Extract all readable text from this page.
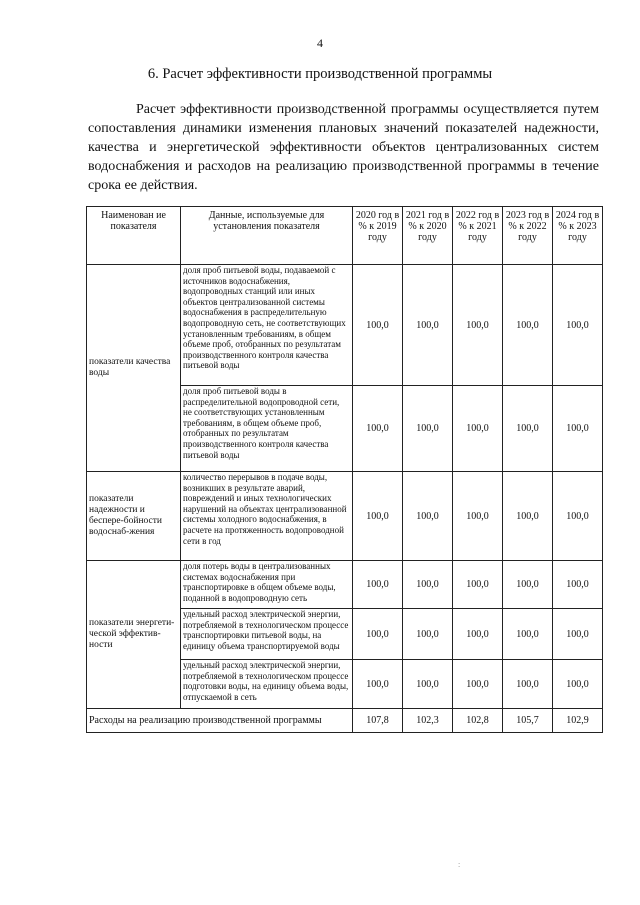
4
6. Расчет эффективности производственной программы

Расчет эффективности производственной программы осуществляется путем сопоставления динамики изменения плановых значений показателей надежности, качества и энергетической эффективности объектов централизованных систем водоснабжения и расходов на реализацию производственной программы в течение срока ее действия.

Наименован ие показателя	Данные, используемые для установления показателя	2020 год в % к 2019 году	2021 год в % к 2020 году	2022 год в % к 2021 году	2023 год в % к 2022 году	2024 год в % к 2023 году
показатели качества воды	доля проб питьевой воды, подаваемой с источников водоснабжения, водопроводных станций или иных объектов централизованной системы водоснабжения в распределительную водопроводную сеть, не соответствующих установленным требованиям, в общем объеме проб, отобранных по результатам производственного контроля качества питьевой воды	100,0	100,0	100,0	100,0	100,0
	доля проб питьевой воды в распределительной водопроводной сети, не соответствующих установленным требованиям, в общем объеме проб, отобранных по результатам производственного контроля качества питьевой воды	100,0	100,0	100,0	100,0	100,0
показатели надежности и беспере-бойности водоснаб-жения	количество перерывов в подаче воды, возникших в результате аварий, повреждений и иных технологических нарушений на объектах централизованной системы холодного водоснабжения, в расчете на протяженность водопроводной сети в год	100,0	100,0	100,0	100,0	100,0
показатели энергети-ческой эффектив-ности	доля потерь воды в централизованных системах водоснабжения при транспортировке в общем объеме воды, поданной в водопроводную сеть	100,0	100,0	100,0	100,0	100,0
	удельный расход электрической энергии, потребляемой в технологическом процессе транспортировки питьевой воды, на единицу объема транспортируемой воды	100,0	100,0	100,0	100,0	100,0
	удельный расход электрической энергии, потребляемой в технологическом процессе подготовки воды, на единицу объема воды, отпускаемой в сеть	100,0	100,0	100,0	100,0	100,0
Расходы на реализацию производственной программы		107,8	102,3	102,8	105,7	102,9
:
